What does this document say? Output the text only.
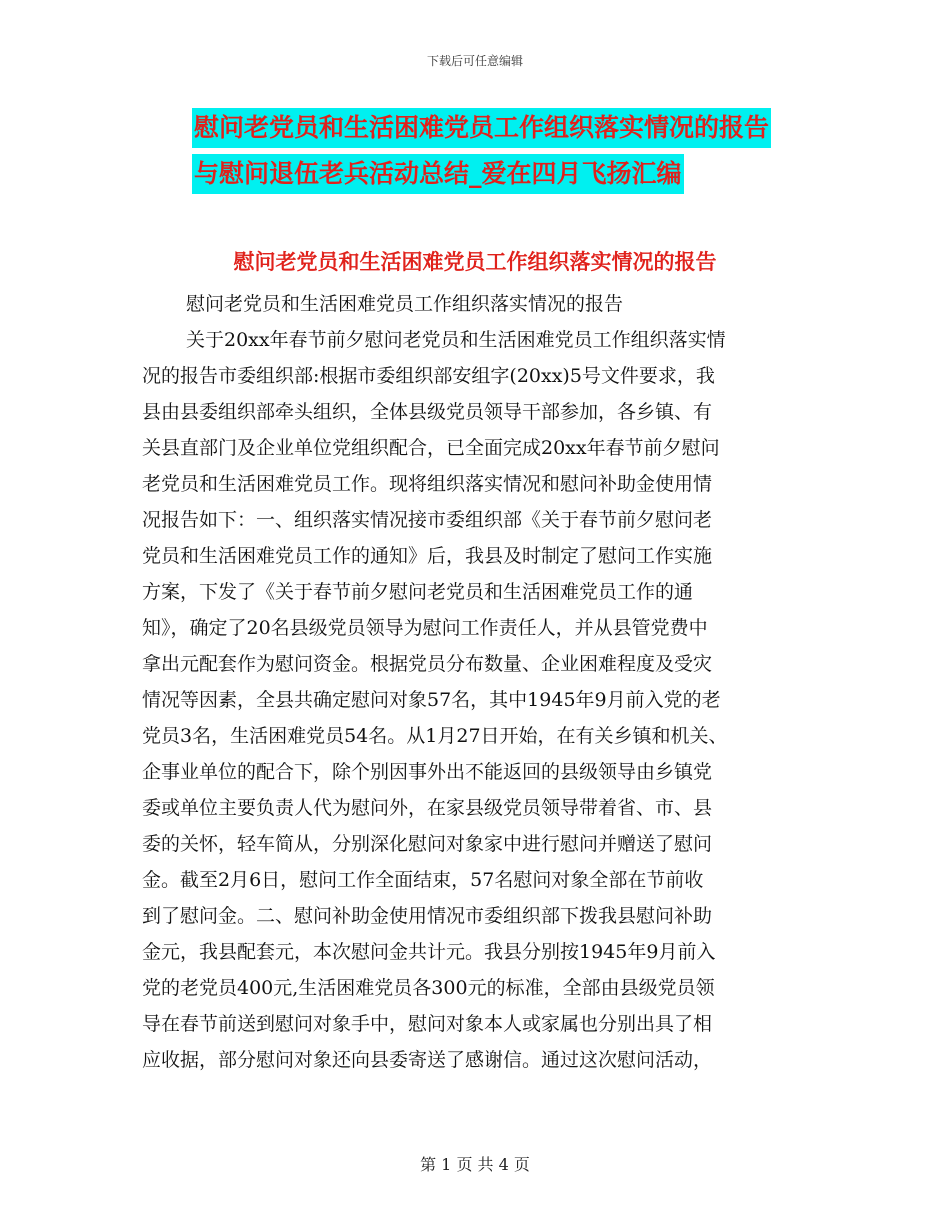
下载后可任意编辑
慰问老党员和生活困难党员工作组织落实情况的报告
与慰问退伍老兵活动总结_爱在四月飞扬汇编
慰问老党员和生活困难党员工作组织落实情况的报告
慰问老党员和生活困难党员工作组织落实情况的报告
关于20xx年春节前夕慰问老党员和生活困难党员工作组织落实情
况的报告市委组织部:根据市委组织部安组字(20xx)5号文件要求，我
县由县委组织部牵头组织，全体县级党员领导干部参加，各乡镇、有
关县直部门及企业单位党组织配合，已全面完成20xx年春节前夕慰问
老党员和生活困难党员工作。现将组织落实情况和慰问补助金使用情
况报告如下：一、组织落实情况接市委组织部《关于春节前夕慰问老
党员和生活困难党员工作的通知》后，我县及时制定了慰问工作实施
方案，下发了《关于春节前夕慰问老党员和生活困难党员工作的通
知》，确定了20名县级党员领导为慰问工作责任人，并从县管党费中
拿出元配套作为慰问资金。根据党员分布数量、企业困难程度及受灾
情况等因素，全县共确定慰问对象57名，其中1945年9月前入党的老
党员3名，生活困难党员54名。从1月27日开始，在有关乡镇和机关、
企事业单位的配合下，除个别因事外出不能返回的县级领导由乡镇党
委或单位主要负责人代为慰问外，在家县级党员领导带着省、市、县
委的关怀，轻车简从，分别深化慰问对象家中进行慰问并赠送了慰问
金。截至2月6日，慰问工作全面结束，57名慰问对象全部在节前收
到了慰问金。二、慰问补助金使用情况市委组织部下拨我县慰问补助
金元，我县配套元，本次慰问金共计元。我县分别按1945年9月前入
党的老党员400元,生活困难党员各300元的标准，全部由县级党员领
导在春节前送到慰问对象手中，慰问对象本人或家属也分别出具了相
应收据，部分慰问对象还向县委寄送了感谢信。通过这次慰问活动，
第 1 页 共 4 页
